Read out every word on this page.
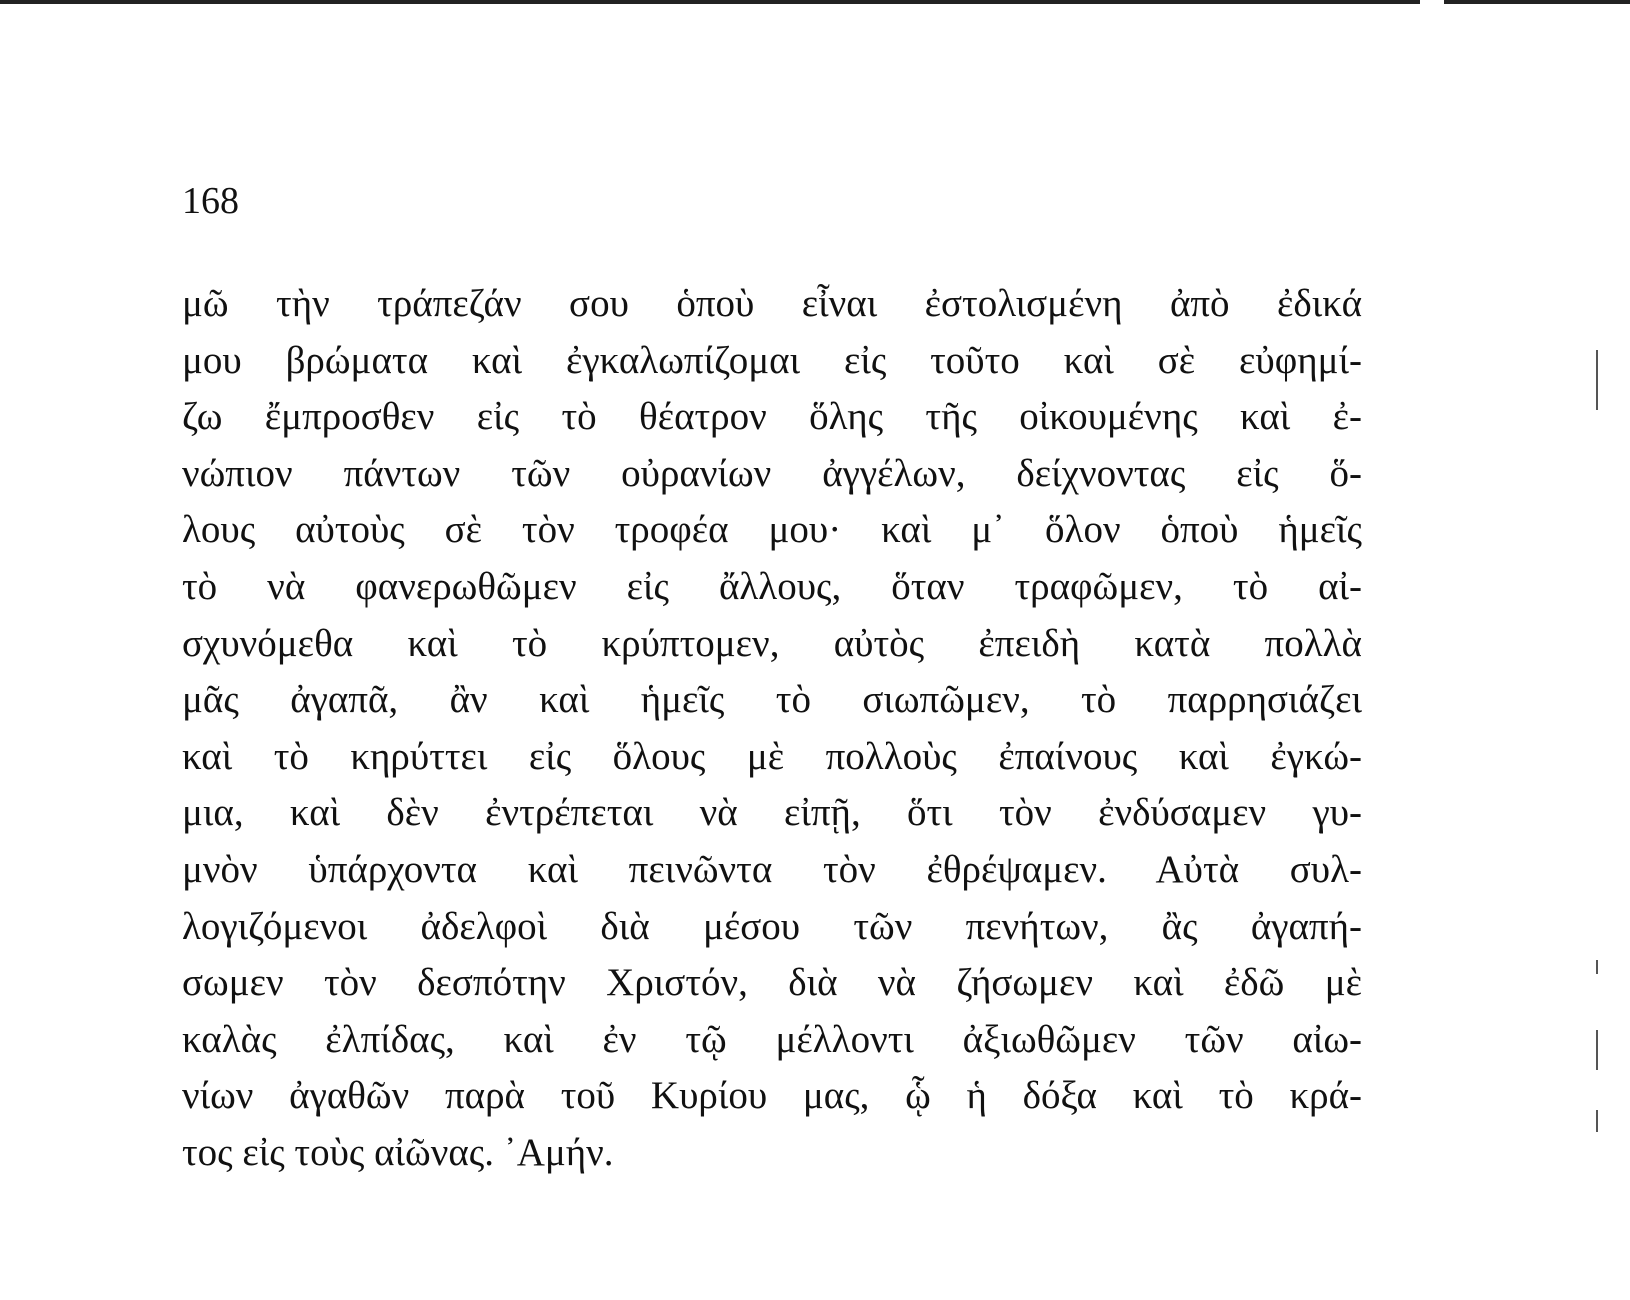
168
μῶ τὴν τράπεζάν σου ὁποὺ εἶναι ἐστολισμένη ἀπὸ ἐδικά
μου βρώματα καὶ ἐγκαλωπίζομαι εἰς τοῦτο καὶ σὲ εὐφημί-
ζω ἔμπροσθεν εἰς τὸ θέατρον ὅλης τῆς οἰκουμένης καὶ ἐ-
νώπιον πάντων τῶν οὐρανίων ἀγγέλων, δείχνοντας εἰς ὅ-
λους αὐτοὺς σὲ τὸν τροφέα μου· καὶ μ᾽ ὅλον ὁποὺ ἡμεῖς
τὸ νὰ φανερωθῶμεν εἰς ἄλλους, ὅταν τραφῶμεν, τὸ αἰ-
σχυνόμεθα καὶ τὸ κρύπτομεν, αὐτὸς ἐπειδὴ κατὰ πολλὰ
μᾶς ἀγαπᾶ, ἂν καὶ ἡμεῖς τὸ σιωπῶμεν, τὸ παρρησιάζει
καὶ τὸ κηρύττει εἰς ὅλους μὲ πολλοὺς ἐπαίνους καὶ ἐγκώ-
μια, καὶ δὲν ἐντρέπεται νὰ εἰπῇ, ὅτι τὸν ἐνδύσαμεν γυ-
μνὸν ὑπάρχοντα καὶ πεινῶντα τὸν ἐθρέψαμεν. Αὐτὰ συλ-
λογιζόμενοι ἀδελφοὶ διὰ μέσου τῶν πενήτων, ἂς ἀγαπή-
σωμεν τὸν δεσπότην Χριστόν, διὰ νὰ ζήσωμεν καὶ ἐδῶ μὲ
καλὰς ἐλπίδας, καὶ ἐν τῷ μέλλοντι ἀξιωθῶμεν τῶν αἰω-
νίων ἀγαθῶν παρὰ τοῦ Κυρίου μας, ᾧ ἡ δόξα καὶ τὸ κρά-
τος εἰς τοὺς αἰῶνας. ᾽Αμήν.
